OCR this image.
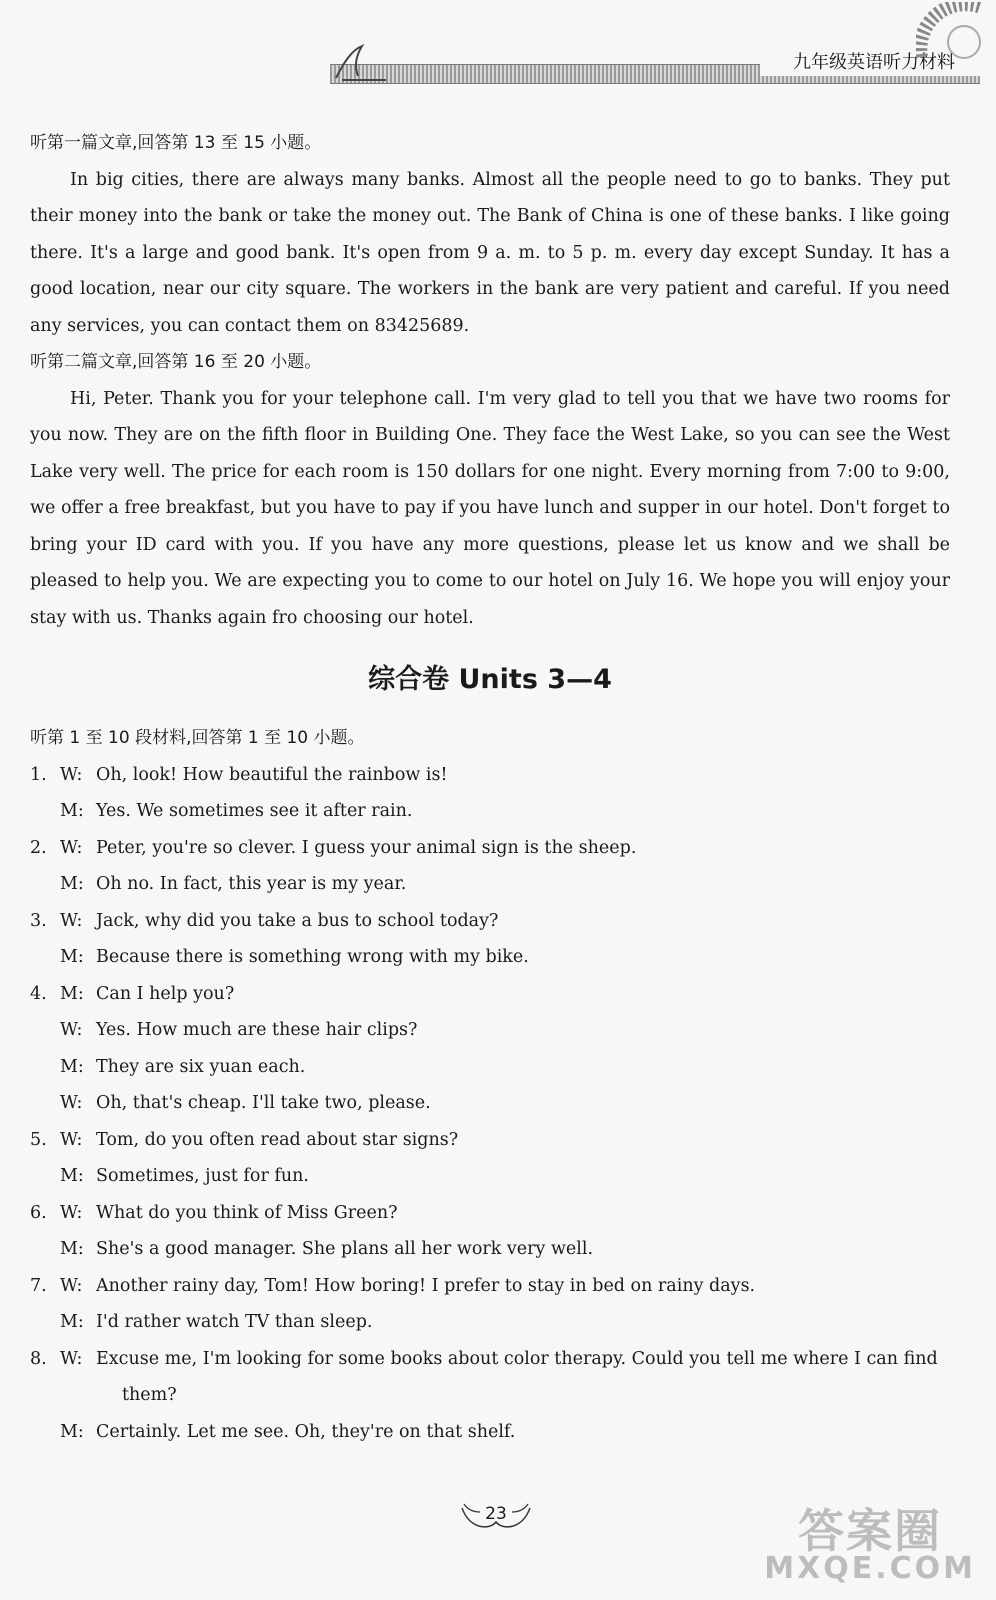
九年级英语听力材料

听第一篇文章,回答第 13 至 15 小题。

In big cities, there are always many banks. Almost all the people need to go to banks. They put their money into the bank or take the money out. The Bank of China is one of these banks. I like going there. It's a large and good bank. It's open from 9 a. m. to 5 p. m. every day except Sunday. It has a good location, near our city square. The workers in the bank are very patient and careful. If you need any services, you can contact them on 83425689.

听第二篇文章,回答第 16 至 20 小题。

Hi, Peter. Thank you for your telephone call. I'm very glad to tell you that we have two rooms for you now. They are on the fifth floor in Building One. They face the West Lake, so you can see the West Lake very well. The price for each room is 150 dollars for one night. Every morning from 7:00 to 9:00, we offer a free breakfast, but you have to pay if you have lunch and supper in our hotel. Don't forget to bring your ID card with you. If you have any more questions, please let us know and we shall be pleased to help you. We are expecting you to come to our hotel on July 16. We hope you will enjoy your stay with us. Thanks again fro choosing our hotel.

综合卷 Units 3—4

听第 1 至 10 段材料,回答第 1 至 10 小题。

1. W: Oh, look! How beautiful the rainbow is!
M: Yes. We sometimes see it after rain.
2. W: Peter, you're so clever. I guess your animal sign is the sheep.
M: Oh no. In fact, this year is my year.
3. W: Jack, why did you take a bus to school today?
M: Because there is something wrong with my bike.
4. M: Can I help you?
W: Yes. How much are these hair clips?
M: They are six yuan each.
W: Oh, that's cheap. I'll take two, please.
5. W: Tom, do you often read about star signs?
M: Sometimes, just for fun.
6. W: What do you think of Miss Green?
M: She's a good manager. She plans all her work very well.
7. W: Another rainy day, Tom! How boring! I prefer to stay in bed on rainy days.
M: I'd rather watch TV than sleep.
8. W: Excuse me, I'm looking for some books about color therapy. Could you tell me where I can find
them?
M: Certainly. Let me see. Oh, they're on that shelf.
23	答案圈
MXQE.COM
